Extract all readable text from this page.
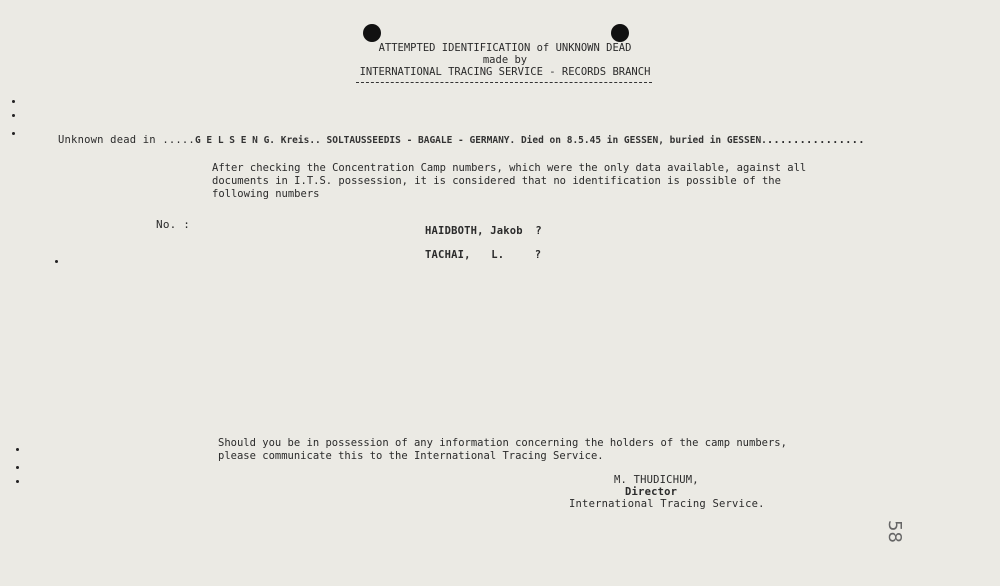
ATTEMPTED IDENTIFICATION of UNKNOWN DEAD
made by
INTERNATIONAL TRACING SERVICE - RECORDS BRANCH
Unknown dead in .....G E L S E N G. Kreis.. SOLTAUSSEEDIS - BAGALE - GERMANY. Died on 8.5.45 in GESSEN, buried in GESSEN................
After checking the Concentration Camp numbers, which were the only data available, against all
documents in I.T.S. possession, it is considered that no identification is possible of the
following numbers
No. :	HAIDBOTH, Jakob ?
TACHAI, L.	?
Should you be in possession of any information concerning the holders of the camp numbers,
please communicate this to the International Tracing Service.
M. THUDICHUM,
Director
International Tracing Service.
58
